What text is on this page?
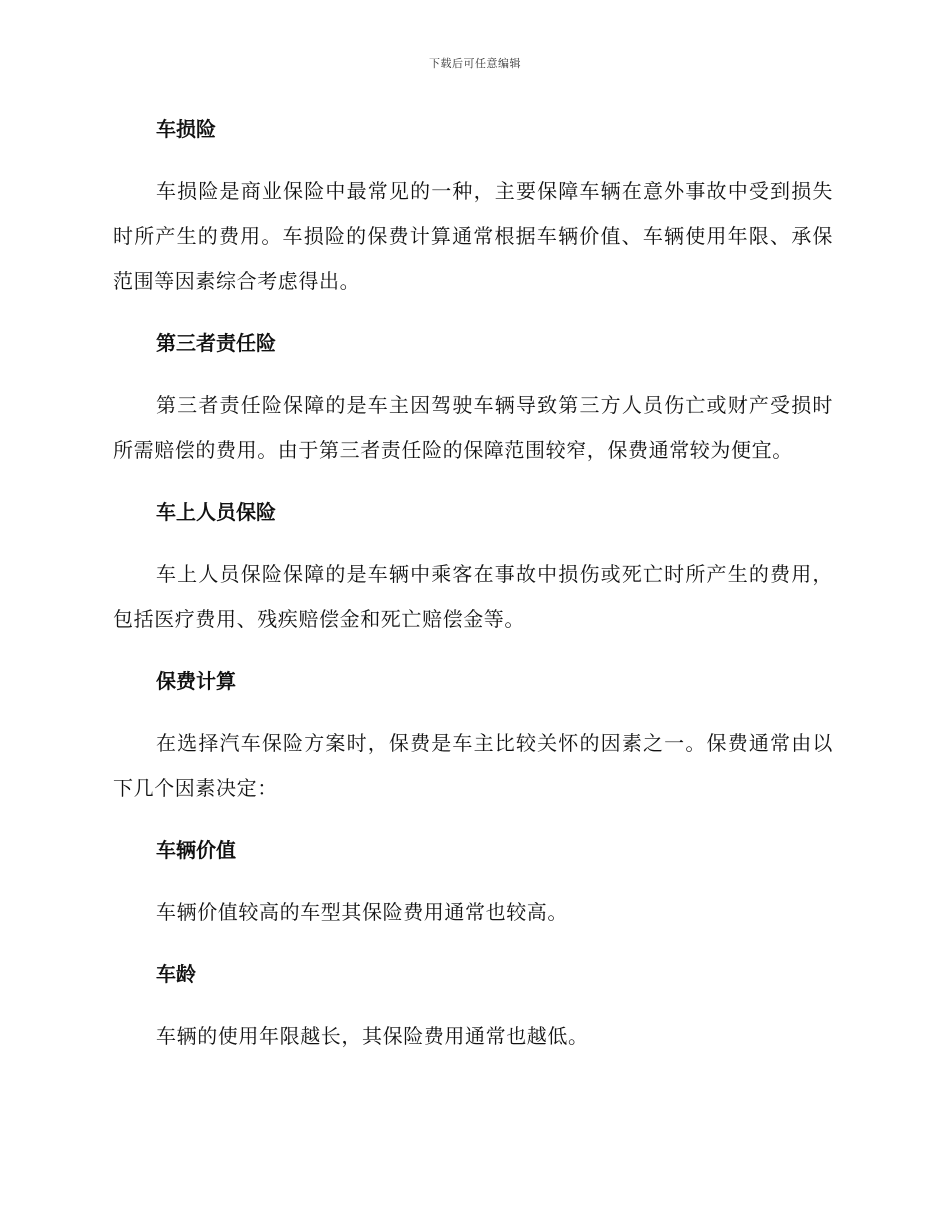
下载后可任意编辑
车损险

车损险是商业保险中最常见的一种，主要保障车辆在意外事故中受到损失时所产生的费用。车损险的保费计算通常根据车辆价值、车辆使用年限、承保范围等因素综合考虑得出。

第三者责任险

第三者责任险保障的是车主因驾驶车辆导致第三方人员伤亡或财产受损时所需赔偿的费用。由于第三者责任险的保障范围较窄，保费通常较为便宜。

车上人员保险

车上人员保险保障的是车辆中乘客在事故中损伤或死亡时所产生的费用，包括医疗费用、残疾赔偿金和死亡赔偿金等。

保费计算

在选择汽车保险方案时，保费是车主比较关怀的因素之一。保费通常由以下几个因素决定：

车辆价值

车辆价值较高的车型其保险费用通常也较高。

车龄

车辆的使用年限越长，其保险费用通常也越低。
